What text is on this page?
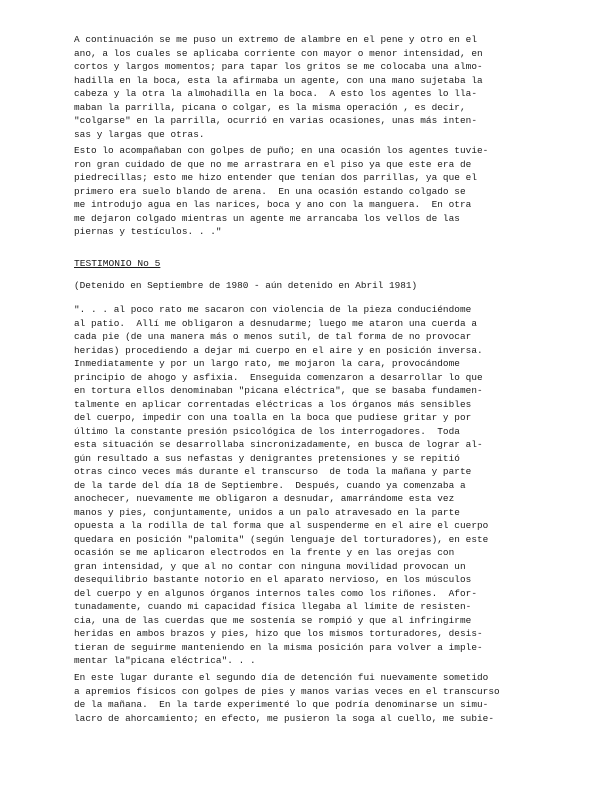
A continuación se me puso un extremo de alambre en el pene y otro en el
ano, a los cuales se aplicaba corriente con mayor o menor intensidad, en
cortos y largos momentos; para tapar los gritos se me colocaba una almo-
hadilla en la boca, esta la afirmaba un agente, con una mano sujetaba la
cabeza y la otra la almohadilla en la boca.  A esto los agentes lo lla-
maban la parrilla, picana o colgar, es la misma operación , es decir,
"colgarse" en la parrilla, ocurrió en varias ocasiones, unas más inten-
sas y largas que otras.
Esto lo acompañaban con golpes de puño; en una ocasión los agentes tuvie-
ron gran cuidado de que no me arrastrara en el piso ya que este era de
piedrecillas; esto me hizo entender que tenían dos parrillas, ya que el
primero era suelo blando de arena.  En una ocasión estando colgado se
me introdujo agua en las narices, boca y ano con la manguera.  En otra
me dejaron colgado mientras un agente me arrancaba los vellos de las
piernas y testículos. . ."

TESTIMONIO No 5

(Detenido en Septiembre de 1980 - aún detenido en Abril 1981)

". . . al poco rato me sacaron con violencia de la pieza conduciéndome
al patio.  Allí me obligaron a desnudarme; luego me ataron una cuerda a
cada pie (de una manera más o menos sutil, de tal forma de no provocar
heridas) procediendo a dejar mi cuerpo en el aire y en posición inversa.
Inmediatamente y por un largo rato, me mojaron la cara, provocándome
principio de ahogo y asfixia.  Enseguida comenzaron a desarrollar lo que
en tortura ellos denominaban "picana eléctrica", que se basaba fundamen-
talmente en aplicar correntadas eléctricas a los órganos más sensibles
del cuerpo, impedir con una toalla en la boca que pudiese gritar y por
último la constante presión psicológica de los interrogadores.  Toda
esta situación se desarrollaba sincronizadamente, en busca de lograr al-
gún resultado a sus nefastas y denigrantes pretensiones y se repitió
otras cinco veces más durante el transcurso  de toda la mañana y parte
de la tarde del día 18 de Septiembre.  Después, cuando ya comenzaba a
anochecer, nuevamente me obligaron a desnudar, amarrándome esta vez
manos y pies, conjuntamente, unidos a un palo atravesado en la parte
opuesta a la rodilla de tal forma que al suspenderme en el aire el cuerpo
quedara en posición "palomita" (según lenguaje del torturadores), en este
ocasión se me aplicaron electrodos en la frente y en las orejas con
gran intensidad, y que al no contar con ninguna movilidad provocan un
desequilibrio bastante notorio en el aparato nervioso, en los músculos
del cuerpo y en algunos órganos internos tales como los riñones.  Afor-
tunadamente, cuando mi capacidad física llegaba al límite de resisten-
cia, una de las cuerdas que me sostenía se rompió y que al infringirme
heridas en ambos brazos y pies, hizo que los mismos torturadores, desis-
tieran de seguirme manteniendo en la misma posición para volver a imple-
mentar la"picana eléctrica". . .
En este lugar durante el segundo día de detención fui nuevamente sometido
a apremios físicos con golpes de pies y manos varias veces en el transcurso
de la mañana.  En la tarde experimenté lo que podría denominarse un simu-
lacro de ahorcamiento; en efecto, me pusieron la soga al cuello, me subie-
